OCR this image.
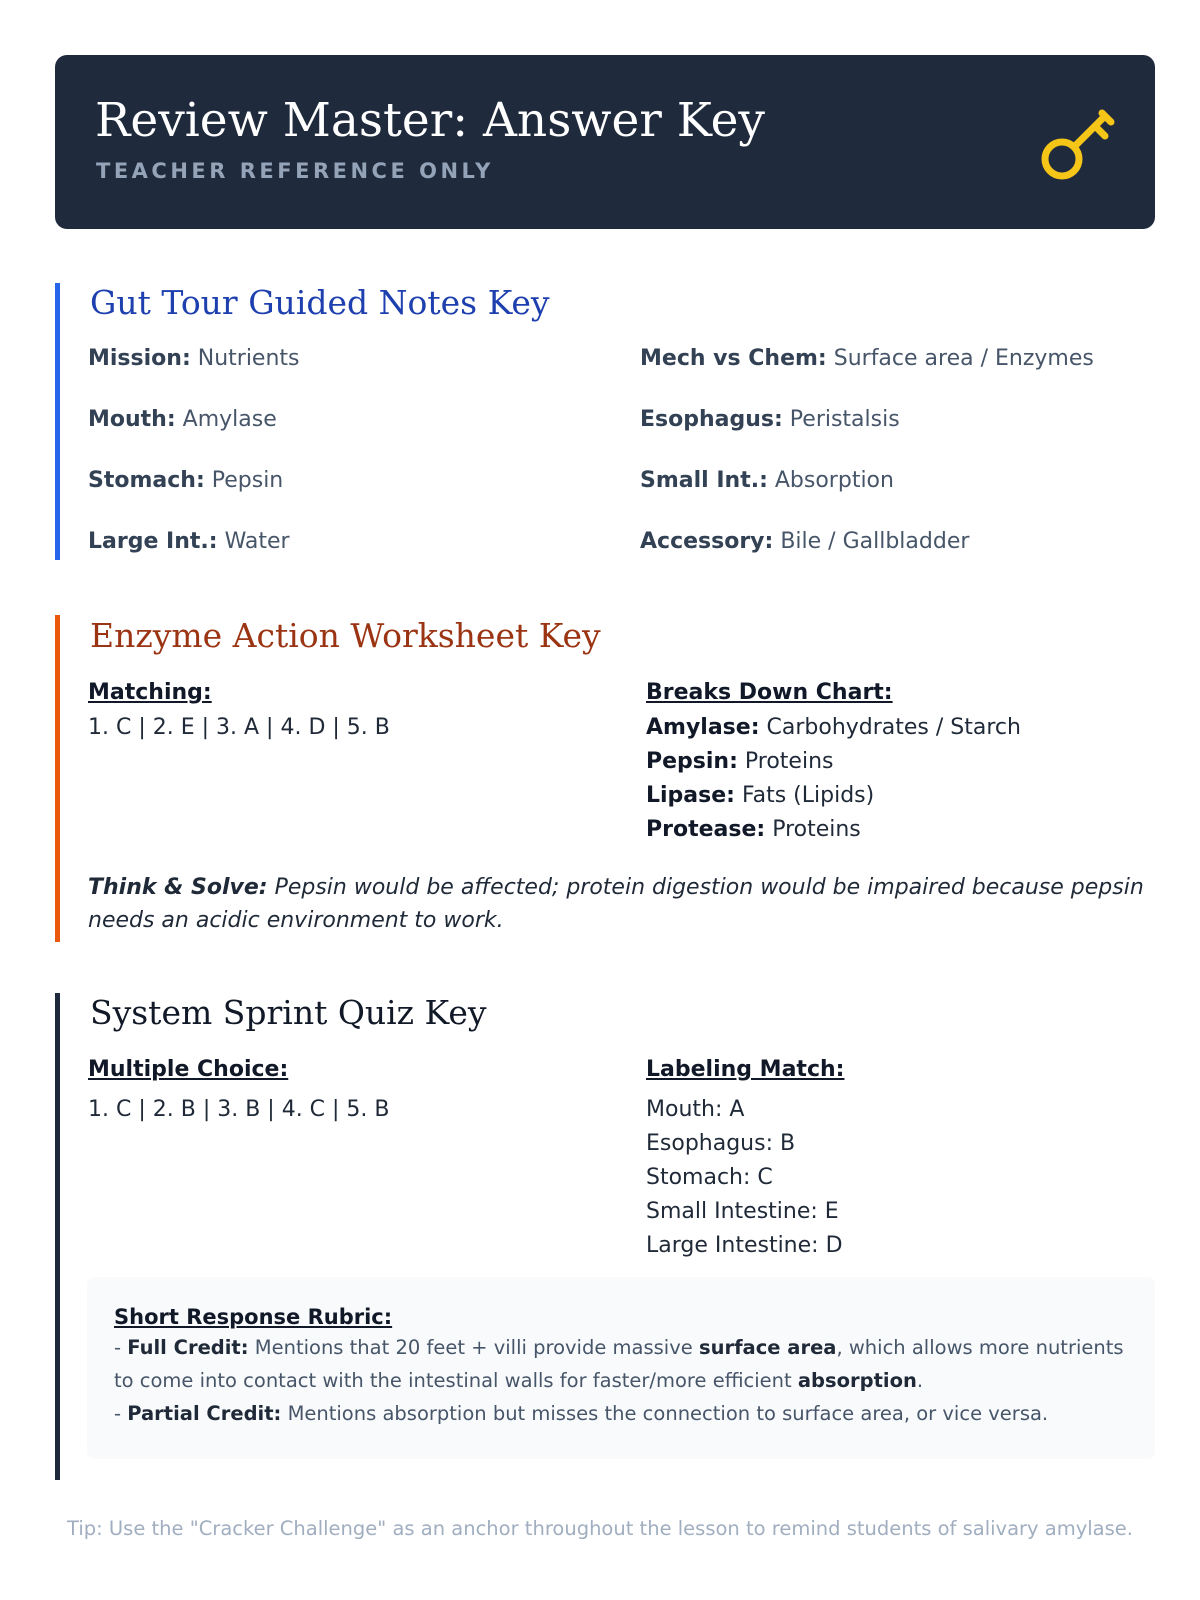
Review Master: Answer Key
TEACHER REFERENCE ONLY
Gut Tour Guided Notes Key
Mission: Nutrients	Mech vs Chem: Surface area / Enzymes
Mouth: Amylase	Esophagus: Peristalsis
Stomach: Pepsin	Small Int.: Absorption
Large Int.: Water	Accessory: Bile / Gallbladder
Enzyme Action Worksheet Key
Matching:
1. C | 2. E | 3. A | 4. D | 5. B
Breaks Down Chart:
Amylase: Carbohydrates / Starch
Pepsin: Proteins
Lipase: Fats (Lipids)
Protease: Proteins
Think & Solve: Pepsin would be affected; protein digestion would be impaired because pepsin needs an acidic environment to work.
System Sprint Quiz Key
Multiple Choice:
1. C | 2. B | 3. B | 4. C | 5. B
Labeling Match:
Mouth: A
Esophagus: B
Stomach: C
Small Intestine: E
Large Intestine: D
Short Response Rubric:
- Full Credit: Mentions that 20 feet + villi provide massive surface area, which allows more nutrients to come into contact with the intestinal walls for faster/more efficient absorption.
- Partial Credit: Mentions absorption but misses the connection to surface area, or vice versa.
Tip: Use the "Cracker Challenge" as an anchor throughout the lesson to remind students of salivary amylase.
